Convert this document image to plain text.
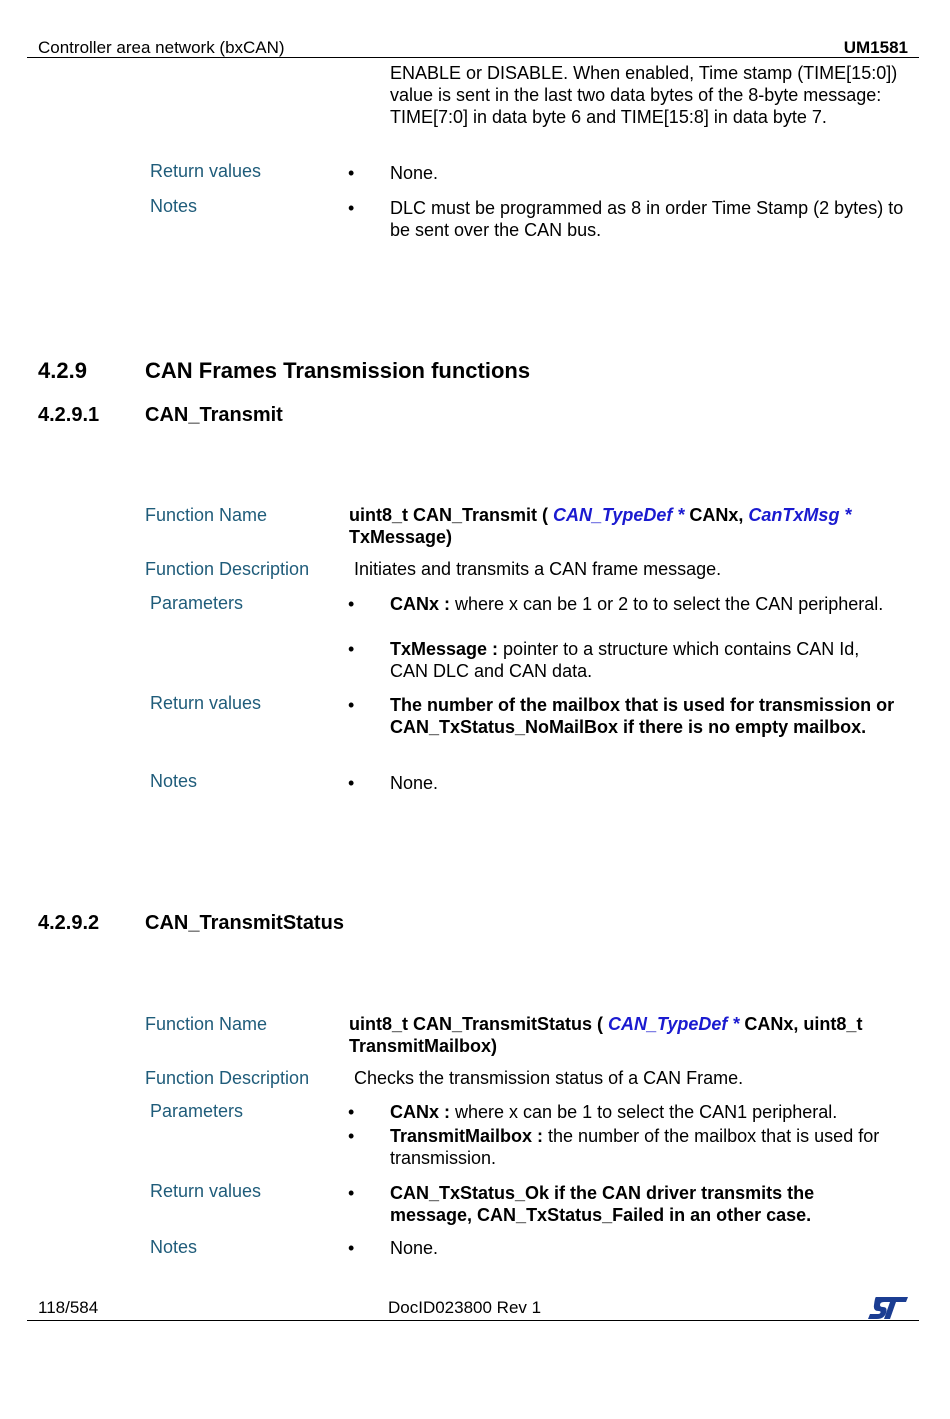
Controller area network (bxCAN)	UM1581
ENABLE or DISABLE. When enabled, Time stamp (TIME[15:0]) value is sent in the last two data bytes of the 8-byte message: TIME[7:0] in data byte 6 and TIME[15:8] in data byte 7.
Return values	• None.
Notes	• DLC must be programmed as 8 in order Time Stamp (2 bytes) to be sent over the CAN bus.
4.2.9	CAN Frames Transmission functions
4.2.9.1 CAN_Transmit
Function Name	uint8_t CAN_Transmit ( CAN_TypeDef * CANx, CanTxMsg *
TxMessage)
Function Description Initiates and transmits a CAN frame message.
Parameters	• CANx : where x can be 1 or 2 to to select the CAN peripheral.
• TxMessage : pointer to a structure which contains CAN Id, CAN DLC and CAN data.
Return values	• The number of the mailbox that is used for transmission or CAN_TxStatus_NoMailBox if there is no empty mailbox.
Notes	• None.
4.2.9.2 CAN_TransmitStatus
Function Name	uint8_t CAN_TransmitStatus ( CAN_TypeDef * CANx, uint8_t TransmitMailbox)
Function Description Checks the transmission status of a CAN Frame.
Parameters	• CANx : where x can be 1 to select the CAN1 peripheral.
• TransmitMailbox : the number of the mailbox that is used for transmission.
Return values	• CAN_TxStatus_Ok if the CAN driver transmits the message, CAN_TxStatus_Failed in an other case.
Notes	• None.
118/584	DocID023800 Rev 1
